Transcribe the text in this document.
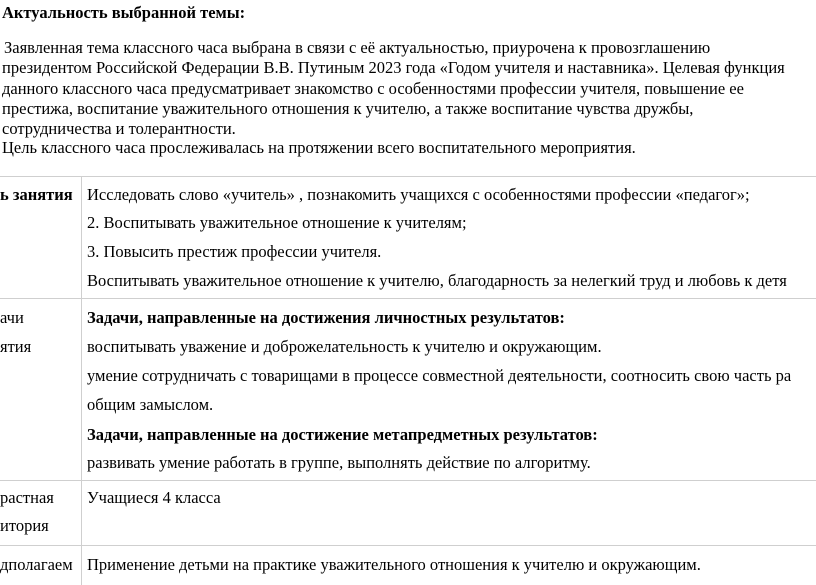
Актуальность выбранной темы:
Заявленная тема классного часа выбрана в связи с её актуальностью, приурочена к провозглашению
президентом Российской Федерации В.В. Путиным 2023 года «Годом учителя и наставника». Целевая функция
данного классного часа предусматривает знакомство с особенностями профессии учителя, повышение ее
престижа, воспитание уважительного отношения к учителю, а также воспитание чувства дружбы,
сотрудничества и толерантности.
Цель классного часа прослеживалась на протяжении всего воспитательного мероприятия.
ь занятия Исследовать слово «учитель» , познакомить учащихся с особенностями профессии «педагог»;
2. Воспитывать уважительное отношение к учителям;
3. Повысить престиж профессии учителя.
Воспитывать уважительное отношение к учителю, благодарность за нелегкий труд и любовь к детя
ачи
ятия
Задачи, направленные на достижения личностных результатов:
воспитывать уважение и доброжелательность к учителю и окружающим.
умение сотрудничать с товарищами в процессе совместной деятельности, соотносить свою часть ра
общим замыслом.
Задачи, направленные на достижение метапредметных результатов:
развивать умение работать в группе, выполнять действие по алгоритму.
растная
итория
Учащиеся 4 класса
дполагаем Применение детьми на практике уважительного отношения к учителю и окружающим.
